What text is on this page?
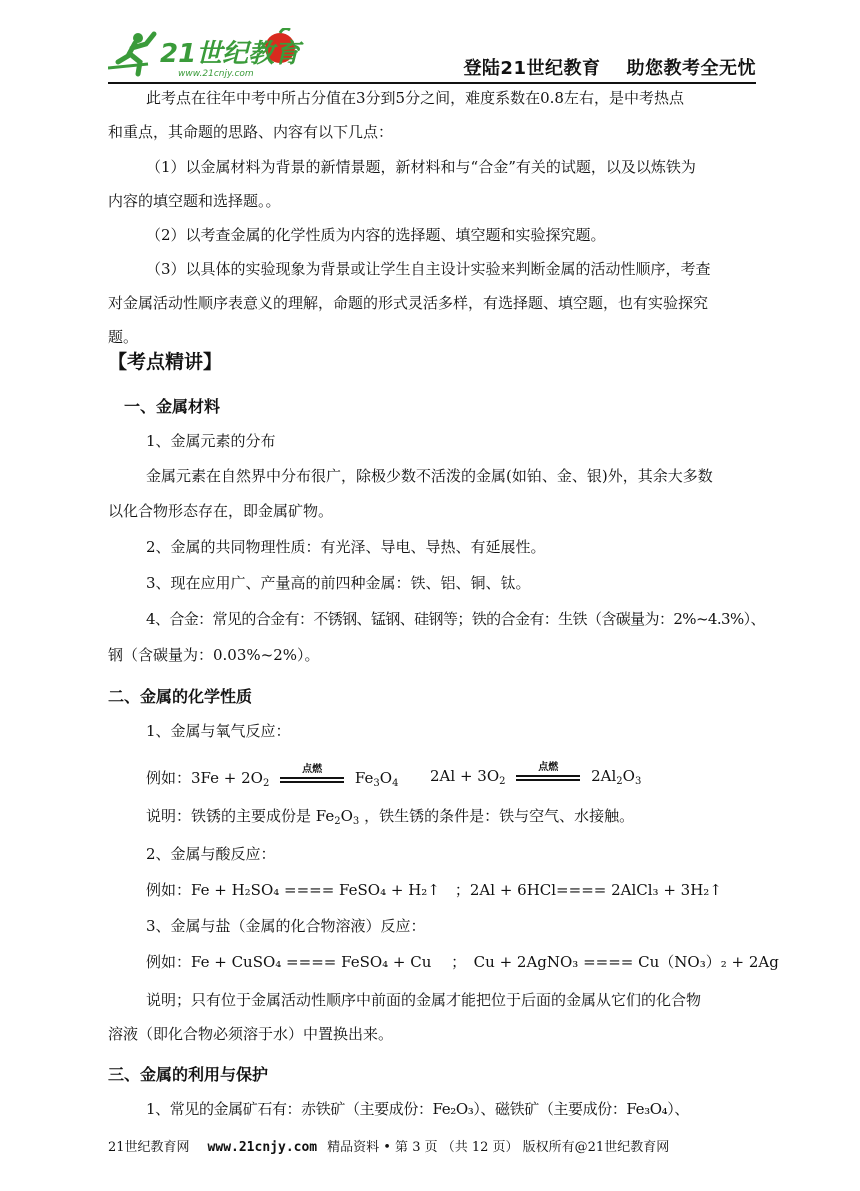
21世纪教育
www.21cnjy.com	登陆21世纪教育 助您教考全无忧
此考点在往年中考中所占分值在3分到5分之间，难度系数在0.8左右，是中考热点
和重点，其命题的思路、内容有以下几点：
（1）以金属材料为背景的新情景题，新材料和与“合金”有关的试题，以及以炼铁为
内容的填空题和选择题。。
（2）以考查金属的化学性质为内容的选择题、填空题和实验探究题。
（3）以具体的实验现象为背景或让学生自主设计实验来判断金属的活动性顺序，考查
对金属活动性顺序表意义的理解，命题的形式灵活多样，有选择题、填空题，也有实验探究
题。
【考点精讲】
一、金属材料
1、金属元素的分布
金属元素在自然界中分布很广，除极少数不活泼的金属(如铂、金、银)外，其余大多数
以化合物形态存在，即金属矿物。
2、金属的共同物理性质：有光泽、导电、导热、有延展性。
3、现在应用广、产量高的前四种金属：铁、铝、铜、钛。
4、合金：常见的合金有：不锈钢、锰钢、硅钢等；铁的合金有：生铁（含碳量为：2%~4.3%）、
钢（含碳量为：0.03%~2%）。
二、金属的化学性质
1、金属与氧气反应：
例如：$3Fe + 2O_2$
点燃	$Fe_3O_4$ $2Al + 3O_2$
点燃	$2Al_2O_3$
说明：铁锈的主要成份是 $Fe_2O_3$ ，铁生锈的条件是：铁与空气、水接触。
2、金属与酸反应：
例如：Fe + H₂SO₄ ==== FeSO₄ + H₂↑　；2Al + 6HCl==== 2AlCl₃ + 3H₂↑
3、金属与盐（金属的化合物溶液）反应：
例如：Fe + CuSO₄ ==== FeSO₄ + Cu　 ；　Cu + 2AgNO₃ ==== Cu（NO₃）₂ + 2Ag
说明；只有位于金属活动性顺序中前面的金属才能把位于后面的金属从它们的化合物
溶液（即化合物必须溶于水）中置换出来。
三、金属的利用与保护
1、常见的金属矿石有：赤铁矿（主要成份：Fe₂O₃）、磁铁矿（主要成份：Fe₃O₄）、
21世纪教育网 www.21cnjy.com 精品资料 • 第 3 页 （共 12 页） 版权所有@21世纪教育网
